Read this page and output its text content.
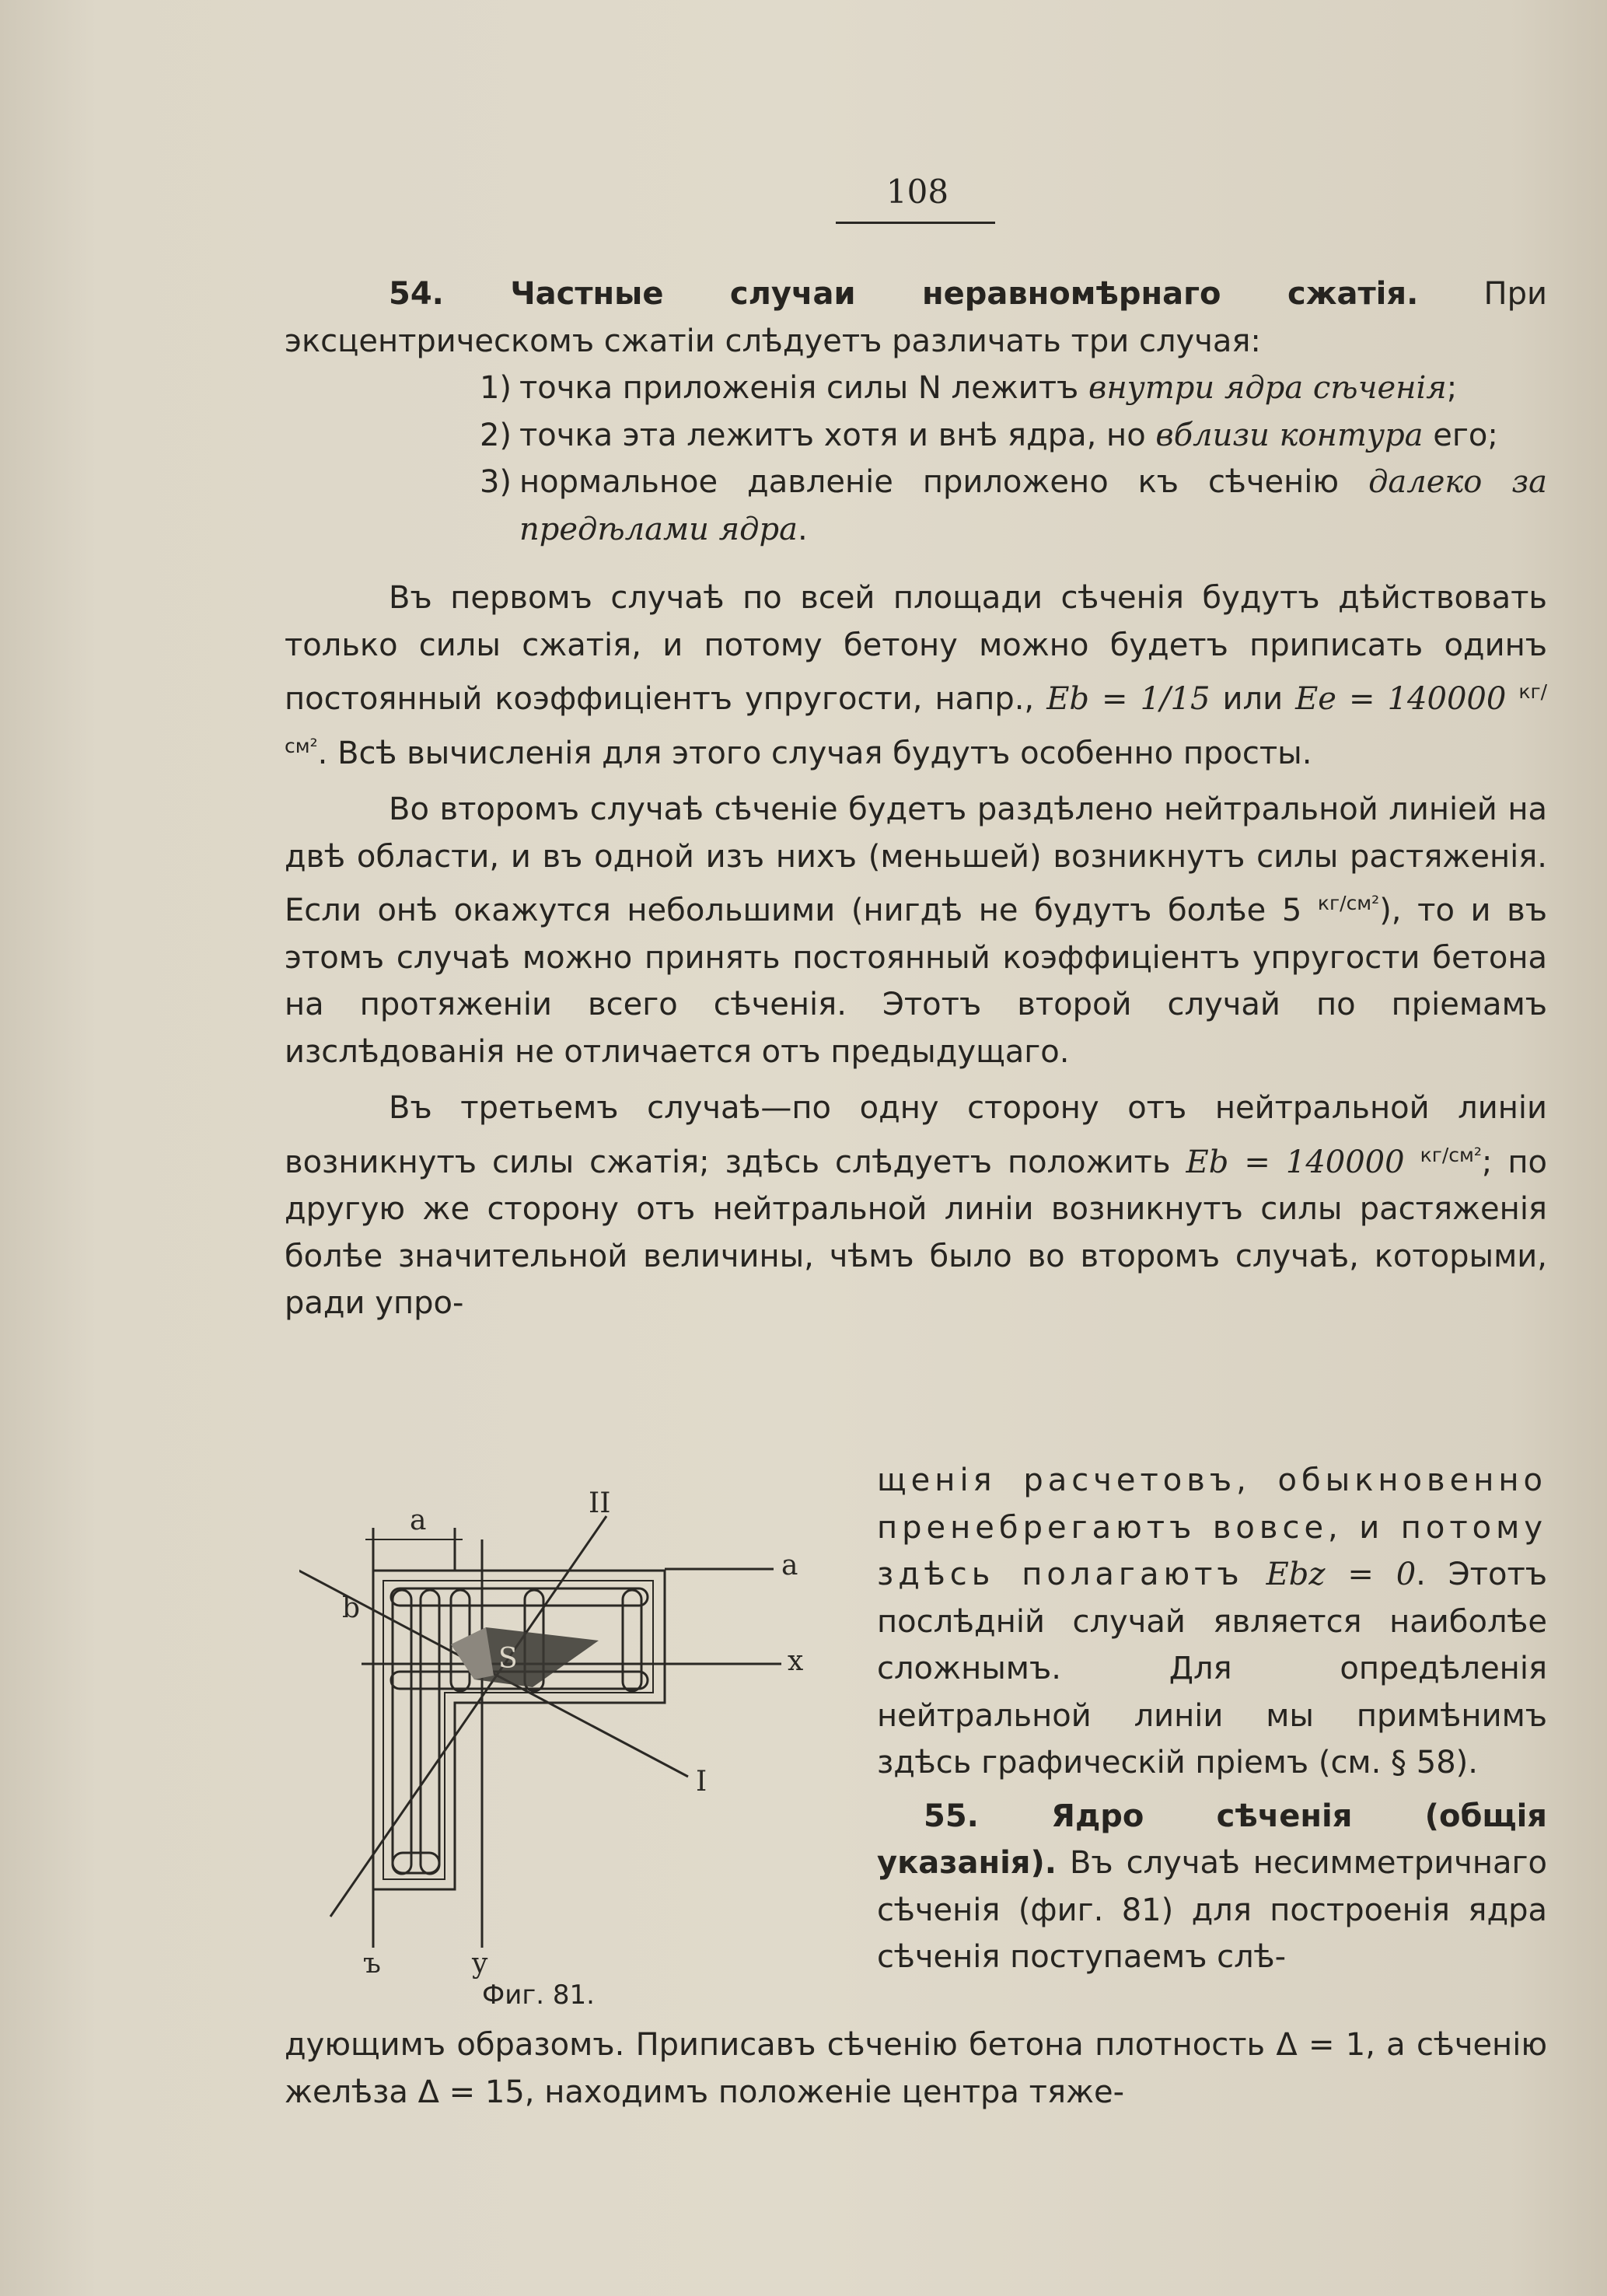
108

54. Частные случаи неравномѣрнаго сжатія. При эксцентрическомъ сжатіи слѣдуетъ различать три случая:

1) точка приложенія силы N лежитъ внутри ядра сѣченія;
2) точка эта лежитъ хотя и внѣ ядра, но вблизи контура его;
3) нормальное давленіе приложено къ сѣченію далеко за предѣлами ядра.

Въ первомъ случаѣ по всей площади сѣченія будутъ дѣйствовать только силы сжатія, и потому бетону можно будетъ приписать одинъ постоянный коэффиціентъ упругости, напр., Eb = 1/15 или Ee = 140000 $^{кг/см^2}$. Всѣ вычисленія для этого случая будутъ особенно просты.

Во второмъ случаѣ сѣченіе будетъ раздѣлено нейтральной линіей на двѣ области, и въ одной изъ нихъ (меньшей) возникнутъ силы растяженія. Если онѣ окажутся небольшими (нигдѣ не будутъ болѣе 5 $^{кг/см^2}$), то и въ этомъ случаѣ можно принять постоянный коэффиціентъ упругости бетона на протяженіи всего сѣченія. Этотъ второй случай по пріемамъ изслѣдованія не отличается отъ предыдущаго.

Въ третьемъ случаѣ—по одну сторону отъ нейтральной линіи возникнутъ силы сжатія; здѣсь слѣдуетъ положить Eb = 140000 $^{кг/см^2}$; по другую же сторону отъ нейтральной линіи возникнутъ силы растяженія болѣе значительной величины, чѣмъ было во второмъ случаѣ, которыми, ради упро-

щенія расчетовъ, обыкновенно пренебрегаютъ вовсе, и потому здѣсь полагаютъ Ebz = 0. Этотъ послѣдній случай является наиболѣе сложнымъ. Для опредѣленія нейтральной линіи мы примѣнимъ здѣсь графическій пріемъ (см. § 58).

55. Ядро сѣченія (общія указанія). Въ случаѣ несимметричнаго сѣченія (фиг. 81) для построенія ядра сѣченія поступаемъ слѣ-

II
a
a
b
x
S
I
ъ	y
Фиг. 81.

дующимъ образомъ. Приписавъ сѣченію бетона плотность Δ = 1, а сѣченію желѣза Δ = 15, находимъ положеніе центра тяже-
